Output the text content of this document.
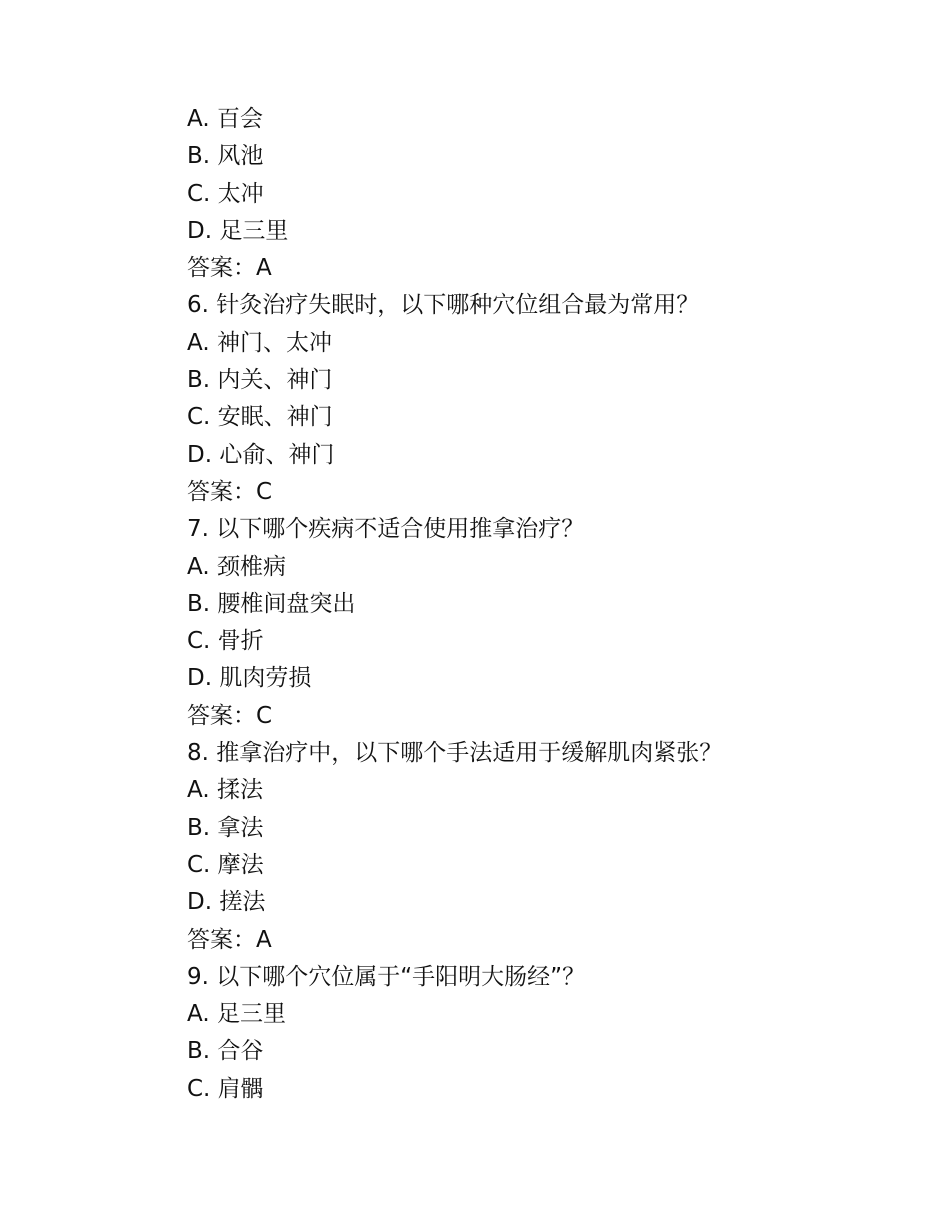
A. 百会
B. 风池
C. 太冲
D. 足三里
答案：A
6. 针灸治疗失眠时，以下哪种穴位组合最为常用？
A. 神门、太冲
B. 内关、神门
C. 安眠、神门
D. 心俞、神门
答案：C
7. 以下哪个疾病不适合使用推拿治疗？
A. 颈椎病
B. 腰椎间盘突出
C. 骨折
D. 肌肉劳损
答案：C
8. 推拿治疗中，以下哪个手法适用于缓解肌肉紧张？
A. 揉法
B. 拿法
C. 摩法
D. 搓法
答案：A
9. 以下哪个穴位属于“手阳明大肠经”？
A. 足三里
B. 合谷
C. 肩髃
